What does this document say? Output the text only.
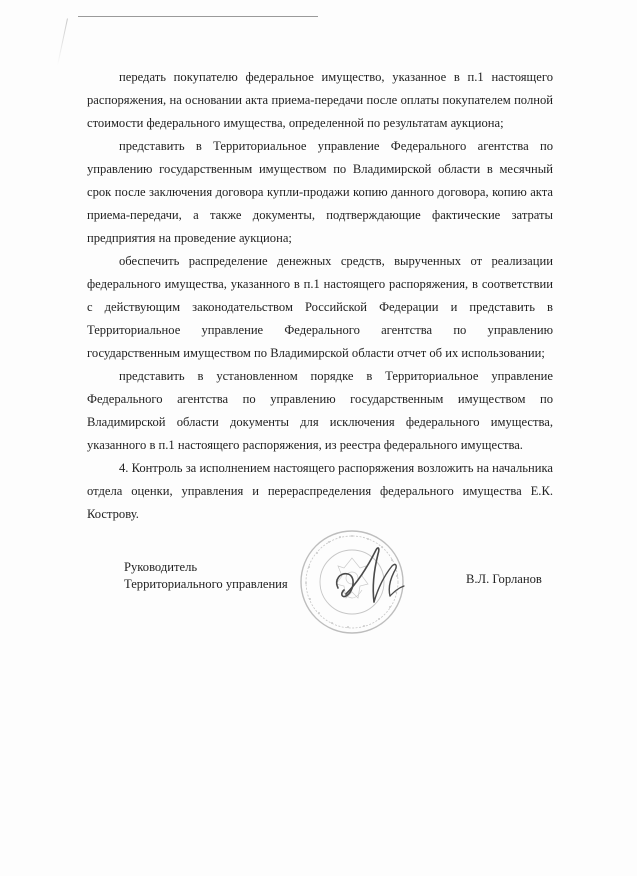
передать покупателю федеральное имущество, указанное в п.1 настоящего распоряжения, на основании акта приема-передачи после оплаты покупателем полной стоимости федерального имущества, определенной по результатам аукциона;

представить в Территориальное управление Федерального агентства по управлению государственным имуществом по Владимирской области в месячный срок после заключения договора купли-продажи копию данного договора, копию акта приема-передачи, а также документы, подтверждающие фактические затраты предприятия на проведение аукциона;

обеспечить распределение денежных средств, вырученных от реализации федерального имущества, указанного в п.1 настоящего распоряжения, в соответствии с действующим законодательством Российской Федерации и представить в Территориальное управление Федерального агентства по управлению государственным имуществом по Владимирской области отчет об их использовании;

представить в установленном порядке в Территориальное управление Федерального агентства по управлению государственным имуществом по Владимирской области документы для исключения федерального имущества, указанного в п.1 настоящего распоряжения, из реестра федерального имущества.

4. Контроль за исполнением настоящего распоряжения возложить на начальника отдела оценки, управления и перераспределения федерального имущества Е.К. Кострову.

Руководитель
Территориального управления	В.Л. Горланов
